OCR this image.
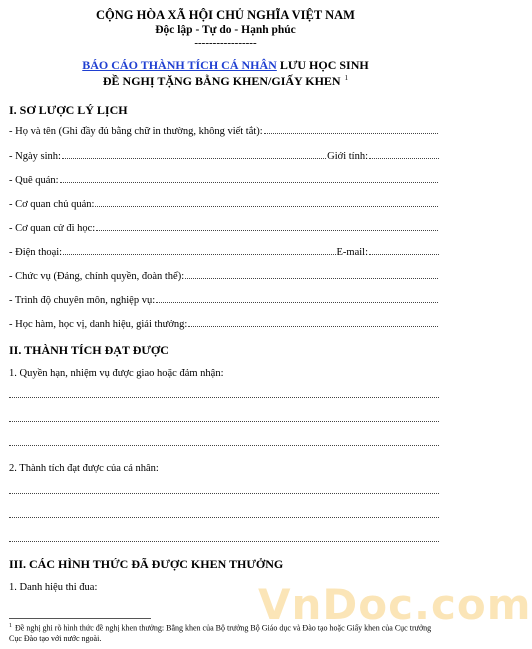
CỘNG HÒA XÃ HỘI CHỦ NGHĨA VIỆT NAM
Độc lập - Tự do - Hạnh phúc
-----------------
BÁO CÁO THÀNH TÍCH CÁ NHÂN LƯU HỌC SINH
ĐỀ NGHỊ TẶNG BẰNG KHEN/GIẤY KHEN $^1$
I. SƠ LƯỢC LÝ LỊCH
- Họ và tên (Ghi đầy đủ bằng chữ in thường, không viết tắt):
- Ngày sinh:	Giới tính:
- Quê quán:
- Cơ quan chủ quản:
- Cơ quan cử đi học:
- Điện thoại:	E-mail:
- Chức vụ (Đảng, chính quyền, đoàn thể):
- Trình độ chuyên môn, nghiệp vụ:
- Học hàm, học vị, danh hiệu, giải thưởng:
II. THÀNH TÍCH ĐẠT ĐƯỢC
1. Quyền hạn, nhiệm vụ được giao hoặc đảm nhận:
2. Thành tích đạt được của cá nhân:
III. CÁC HÌNH THỨC ĐÃ ĐƯỢC KHEN THƯỞNG
1. Danh hiệu thi đua:	VnDoc.com
$^1$ Đề nghị ghi rõ hình thức đề nghị khen thưởng: Bằng khen của Bộ trưởng Bộ Giáo dục và Đào tạo hoặc Giấy khen của Cục trưởng Cục Đào tạo với nước ngoài.
